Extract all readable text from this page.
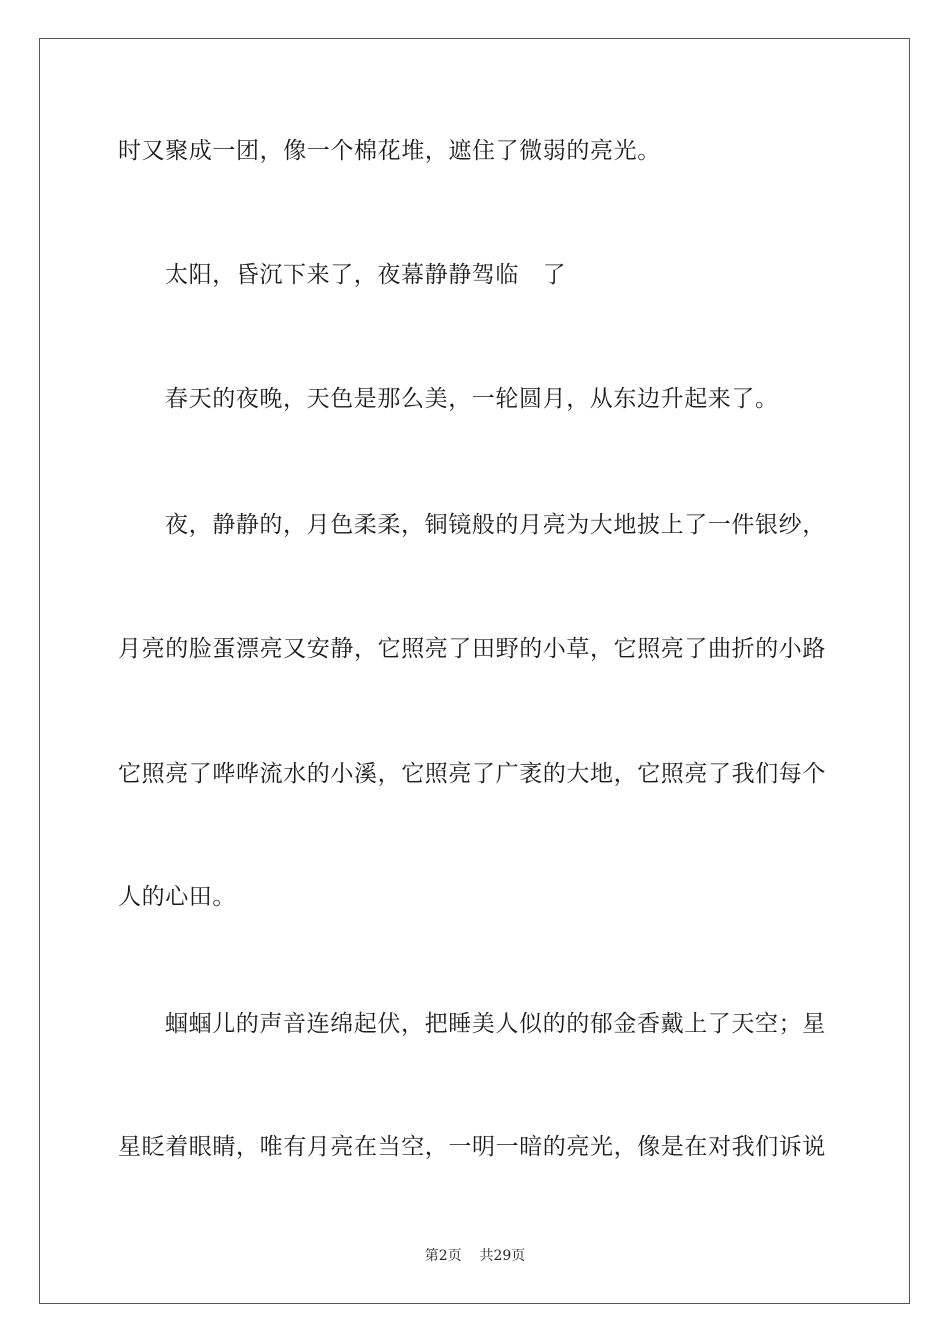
时又聚成一团，像一个棉花堆，遮住了微弱的亮光。
太阳，昏沉下来了，夜幕静静驾临　了
春天的夜晚，天色是那么美，一轮圆月，从东边升起来了。
夜，静静的，月色柔柔，铜镜般的月亮为大地披上了一件银纱，
月亮的脸蛋漂亮又安静，它照亮了田野的小草，它照亮了曲折的小路
它照亮了哗哗流水的小溪，它照亮了广袤的大地，它照亮了我们每个
人的心田。
蝈蝈儿的声音连绵起伏，把睡美人似的的郁金香戴上了天空；星
星眨着眼睛，唯有月亮在当空，一明一暗的亮光，像是在对我们诉说
第2页 共29页
